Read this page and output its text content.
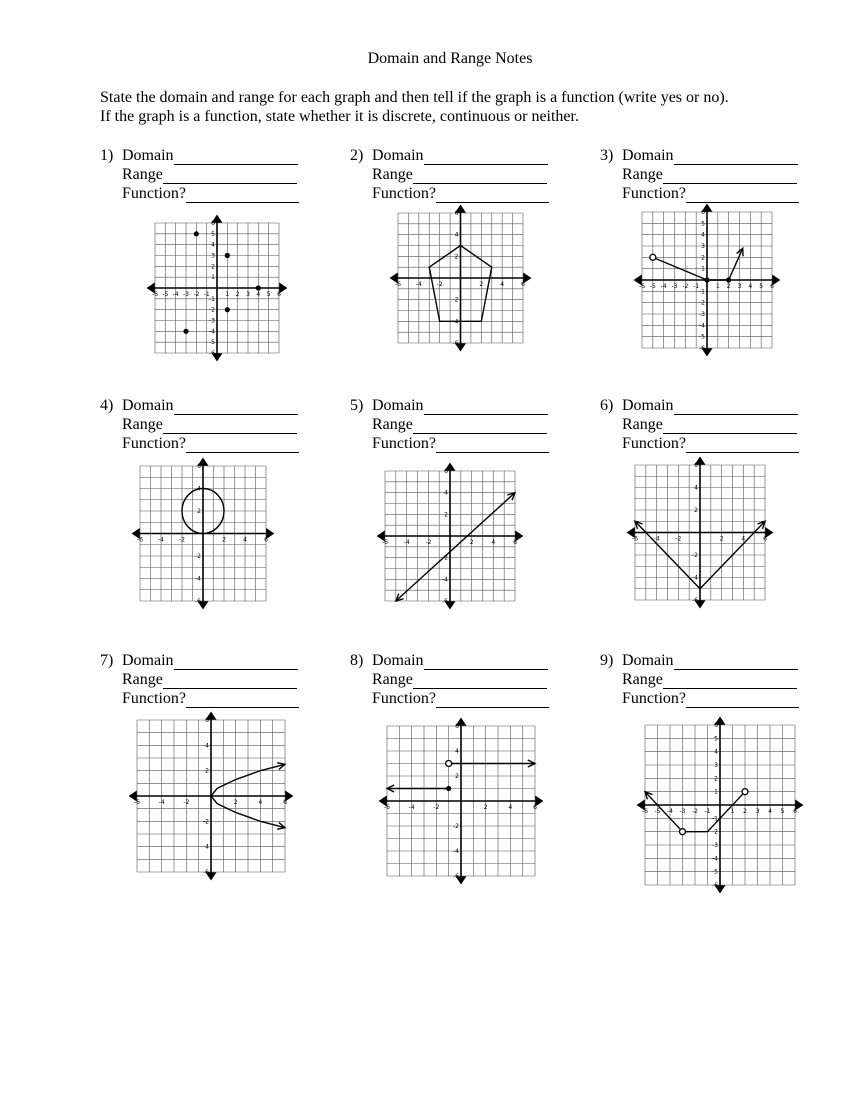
Domain and Range Notes
State the domain and range for each graph and then tell if the graph is a function (write yes or no).
If the graph is a function, state whether it is discrete, continuous or neither.
1) Domain
Range
Function?
2) Domain
Range
Function?
3) Domain
Range
Function?
4) Domain
Range
Function?
5) Domain
Range
Function?
6) Domain
Range
Function?
7) Domain
Range
Function?
8) Domain
Range
Function?
9) Domain
Range
Function?
-6 -5 -4 -3 -2 -1	1 2 3 4 5 6
6
5
4
3
2
1
-1
-2
-3
-4
-5
-6
-6 -4 -2	2	4	6
6
4
2
-2
-4
-6
-6 -5 -4 -3 -2 -1	1 2 3 4 5 6
6
5
4
3
2
1
-1
-2
-3
-4
-5
-6
-6	-4	-2	2	4	6
6
4
2
-2
-4
-6
-6	-4	-2	2	4	6
6
4
2
-2
-4
-6
-6	-4	-2	2	4	6
6
4
2
-2
-4
-6
-6	-4	-2	2	4	6
6
4
2
-2
-4
-6
-6	-4	-2	2	4	6
6
4
2
-2
-4
-6
-6 -5 -4 -3 -2 -1	1 2 3 4 5 6
6
5
4
3
2
1
-1
-2
-3
-4
-5
-6
